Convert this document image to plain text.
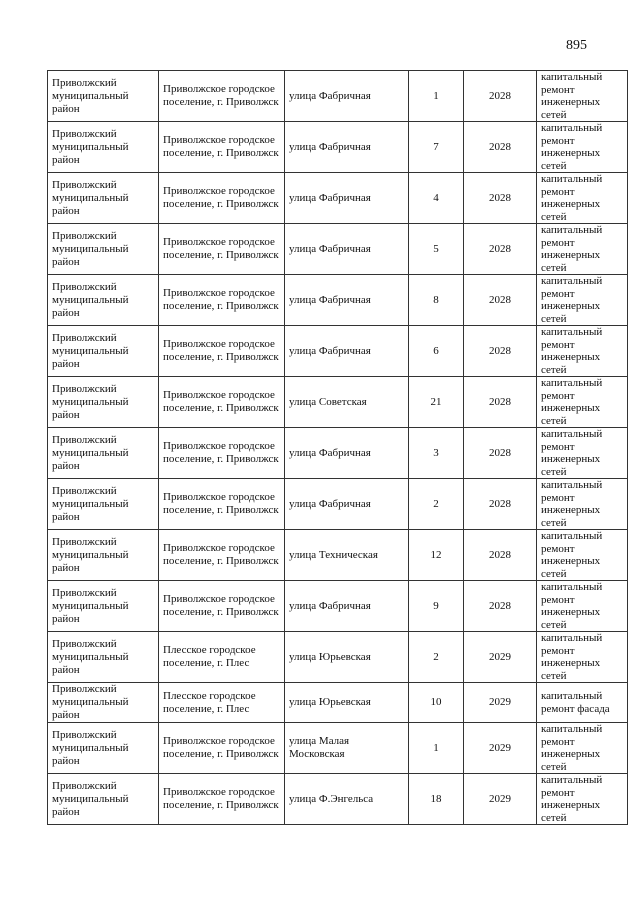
895
Приволжский муниципальный район	Приволжское городское поселение, г. Приволжск	улица Фабричная	1	2028	капитальный ремонт инженерных сетей
Приволжский муниципальный район	Приволжское городское поселение, г. Приволжск	улица Фабричная	7	2028	капитальный ремонт инженерных сетей
Приволжский муниципальный район	Приволжское городское поселение, г. Приволжск	улица Фабричная	4	2028	капитальный ремонт инженерных сетей
Приволжский муниципальный район	Приволжское городское поселение, г. Приволжск	улица Фабричная	5	2028	капитальный ремонт инженерных сетей
Приволжский муниципальный район	Приволжское городское поселение, г. Приволжск	улица Фабричная	8	2028	капитальный ремонт инженерных сетей
Приволжский муниципальный район	Приволжское городское поселение, г. Приволжск	улица Фабричная	6	2028	капитальный ремонт инженерных сетей
Приволжский муниципальный район	Приволжское городское поселение, г. Приволжск	улица Советская	21	2028	капитальный ремонт инженерных сетей
Приволжский муниципальный район	Приволжское городское поселение, г. Приволжск	улица Фабричная	3	2028	капитальный ремонт инженерных сетей
Приволжский муниципальный район	Приволжское городское поселение, г. Приволжск	улица Фабричная	2	2028	капитальный ремонт инженерных сетей
Приволжский муниципальный район	Приволжское городское поселение, г. Приволжск	улица Техническая	12	2028	капитальный ремонт инженерных сетей
Приволжский муниципальный район	Приволжское городское поселение, г. Приволжск	улица Фабричная	9	2028	капитальный ремонт инженерных сетей
Приволжский муниципальный район	Плесское городское поселение, г. Плес	улица Юрьевская	2	2029	капитальный ремонт инженерных сетей
Приволжский муниципальный район	Плесское городское поселение, г. Плес	улица Юрьевская	10	2029	капитальный ремонт фасада
Приволжский муниципальный район	Приволжское городское поселение, г. Приволжск	улица Малая Московская	1	2029	капитальный ремонт инженерных сетей
Приволжский муниципальный район	Приволжское городское поселение, г. Приволжск	улица Ф.Энгельса	18	2029	капитальный ремонт инженерных сетей
